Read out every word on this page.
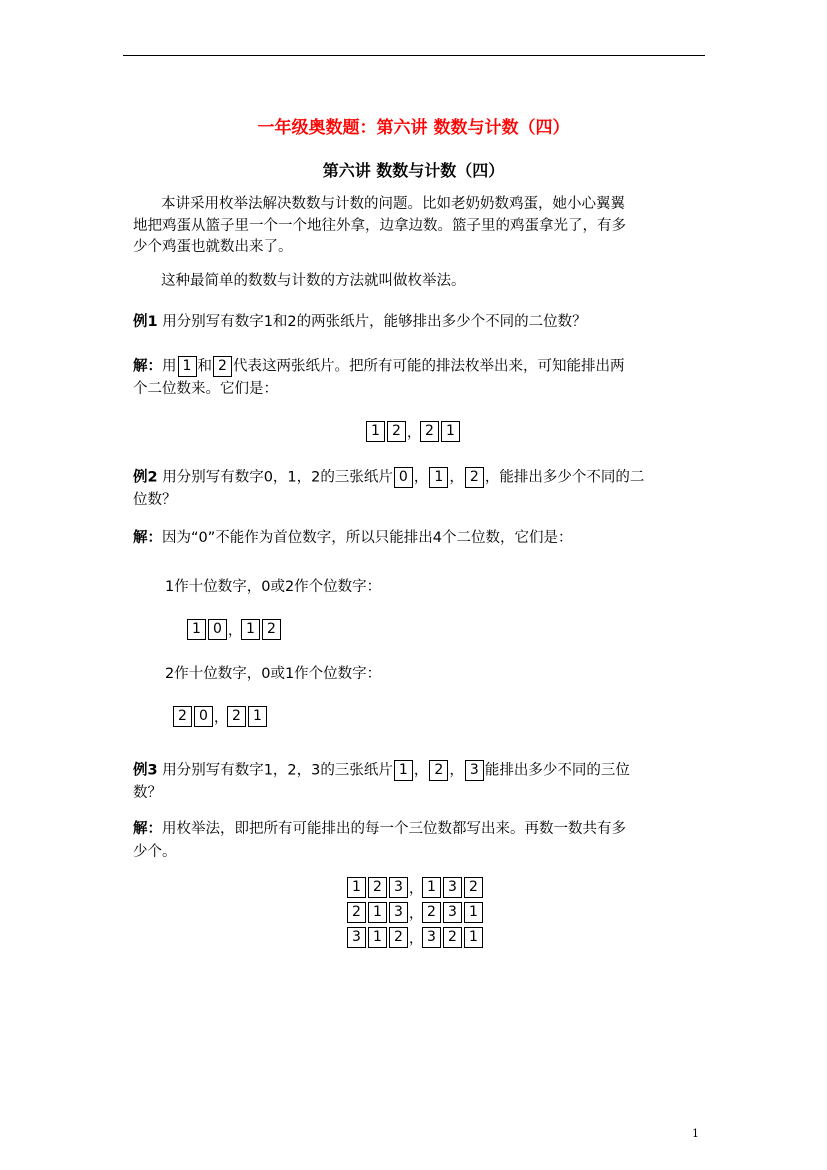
一年级奥数题：第六讲 数数与计数（四）
第六讲 数数与计数（四）
本讲采用枚举法解决数数与计数的问题。比如老奶奶数鸡蛋，她小心翼翼
地把鸡蛋从篮子里一个一个地往外拿，边拿边数。篮子里的鸡蛋拿光了，有多
少个鸡蛋也就数出来了。
这种最简单的数数与计数的方法就叫做枚举法。
例1 用分别写有数字1和2的两张纸片，能够排出多少个不同的二位数？
解：用 1 和 2 代表这两张纸片。把所有可能的排法枚举出来，可知能排出两
个二位数来。它们是：
1 2 ， 2 1
例2 用分别写有数字0，1，2的三张纸片 0 ， 1 ， 2 ，能排出多少个不同的二
位数？
解：因为“0”不能作为首位数字，所以只能排出4个二位数，它们是：
1作十位数字，0或2作个位数字：
1 0 ， 1 2
2作十位数字，0或1作个位数字：
2 0 ， 2 1
例3 用分别写有数字1，2，3的三张纸片 1 ， 2 ， 3 能排出多少不同的三位
数？
解：用枚举法，即把所有可能排出的每一个三位数都写出来。再数一数共有多
少个。
1 2 3 ， 1 3 2
2 1 3 ， 2 3 1
3 1 2 ， 3 2 1
1
